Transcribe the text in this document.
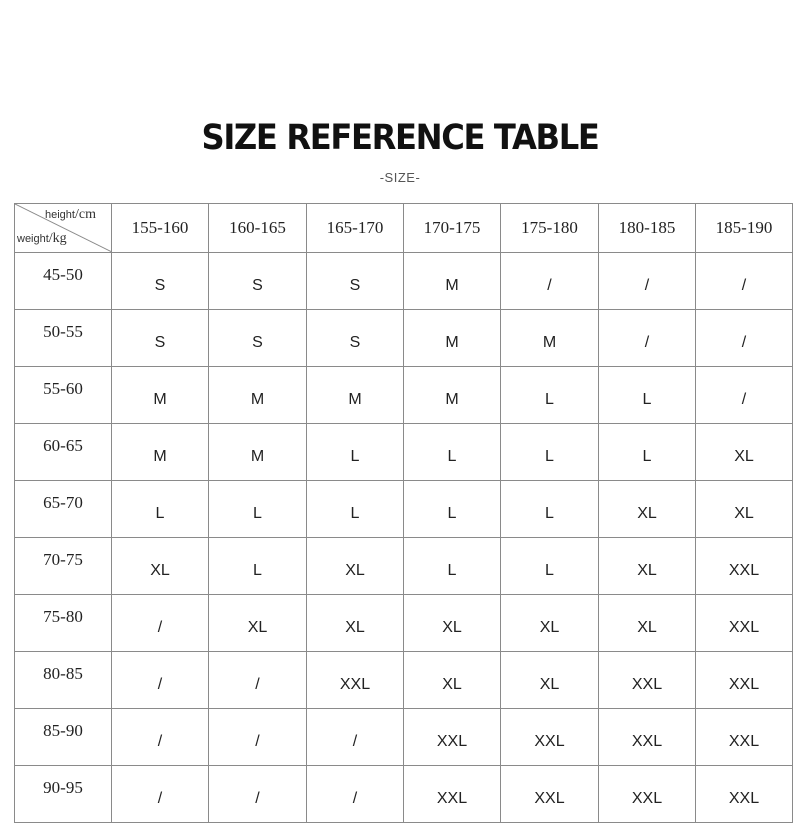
SIZE REFERENCE TABLE
-SIZE-
height/cm
weight/kg	155-160	160-165	165-170	170-175	175-180	180-185	185-190
45-50	S	S	S	M	/	/	/
50-55	S	S	S	M	M	/	/
55-60	M	M	M	M	L	L	/
60-65	M	M	L	L	L	L	XL
65-70	L	L	L	L	L	XL	XL
70-75	XL	L	XL	L	L	XL	XXL
75-80	/	XL	XL	XL	XL	XL	XXL
80-85	/	/	XXL	XL	XL	XXL	XXL
85-90	/	/	/	XXL	XXL	XXL	XXL
90-95	/	/	/	XXL	XXL	XXL	XXL
